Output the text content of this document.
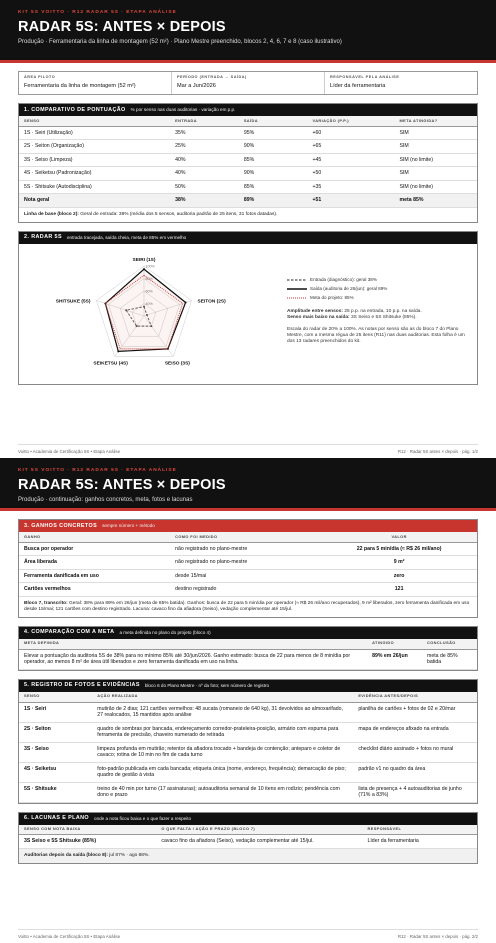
KIT 5S VOITTO · R12 RADAR 5S · ETAPA ANÁLISE
RADAR 5S: ANTES × DEPOIS
Produção · Ferramentaria da linha de montagem (52 m²) · Plano Mestre preenchido, blocos 2, 4, 6, 7 e 8 (caso ilustrativo)
ÁREA PILOTO
Ferramentaria da linha de montagem (52 m²)
PERÍODO (ENTRADA → SAÍDA)
Mar a Jun/2026
RESPONSÁVEL PELA ANÁLISE
Líder da ferramentaria
1. COMPARATIVO DE PONTUAÇÃO % por senso nas duas auditorias · variação em p.p.
SENSO	ENTRADA	SAÍDA	VARIAÇÃO (P.P.)	META ATINGIDA?
1S · Seiri (Utilização)	35%	95%	+60	SIM
2S · Seiton (Organização)	25%	90%	+65	SIM
3S · Seiso (Limpeza)	40%	85%	+45	SIM (no limite)
4S · Seiketsu (Padronização)	40%	90%	+50	SIM
5S · Shitsuke (Autodisciplina)	50%	85%	+35	SIM (no limite)
Nota geral	38%	89%	+51	meta 85%
Linha de base (bloco 2): Geral de entrada: 38% (média dos 5 sensos, auditoria padrão de 25 itens, 31 fotos datadas).
2. RADAR 5S entrada tracejada, saída cheia, meta de 85% em vermelho
100%
SEIRI (1S)
SEITON (2S)
SEISO (3S)
SEIKETSU (4S)
SHITSUKE (5S)
Entrada (diagnóstico): geral 38%
Saída (auditoria de 26/jun): geral 89%
Meta do projeto: 85%

Amplitude entre sensos: 25 p.p. na entrada, 10 p.p. na saída.
Senso mais baixo na saída: 3S Seiso e 5S Shitsuke (85%).

Escala do radar de 20% a 100%. As notas por senso são as do bloco 7 do Plano Mestre, com a mesma régua de 25 itens (R11) nas duas auditorias. Esta folha é um dos 13 radares preenchidos do kit.

Voitto • Academia de Certificação 5S • Etapa Análise	R12 · Radar 5S antes × depois · pág. 1/2
KIT 5S VOITTO · R12 RADAR 5S · ETAPA ANÁLISE
RADAR 5S: ANTES × DEPOIS
Produção · continuação: ganhos concretos, meta, fotos e lacunas
3. GANHOS CONCRETOS sempre número + método
GANHO	COMO FOI MEDIDO	VALOR
Busca por operador	não registrado no plano-mestre	22 para 5 min/dia (≈ R$ 26 mil/ano)
Área liberada	não registrado no plano-mestre	9 m²
Ferramenta danificada em uso	desde 15/mai	zero
Cartões vermelhos	destino registrado	121
Bloco 7, transcrito: Geral: 38% para 89% em 26/jun (meta de 85% batida). Ganhos: busca de 22 para 5 min/dia por operador (≈ R$ 26 mil/ano recuperados), 9 m² liberados, zero ferramenta danificada em uso desde 15/mai; 121 cartões com destino registrado. Lacuna: cavaco fino da afiadora (Seiso), vedação complementar até 15/jul.
4. COMPARAÇÃO COM A META a meta definida no plano do projeto (bloco 4)
META DEFINIDA	ATINGIDO	CONCLUSÃO
Elevar a pontuação da auditoria 5S de 38% para no mínimo 85% até 30/jun/2026. Ganho estimado: busca de 22 para menos de 8 min/dia por operador, ao menos 8 m² de área útil liberados e zero ferramenta danificada em uso na linha.	89% em 26/jun	meta de 85% batida
5. REGISTRO DE FOTOS E EVIDÊNCIAS bloco 6 do Plano Mestre · nº da foto; sem número de registro
SENSO	AÇÃO REALIZADA	EVIDÊNCIA ANTES/DEPOIS
1S · Seiri	mutirão de 2 dias; 121 cartões vermelhos: 48 sucata (romaneio de 640 kg), 31 devolvidos ao almoxarifado, 27 realocados, 15 mantidos após análise	planilha de cartões + fotos de 02 e 20/mar
2S · Seiton	quadro de sombras por bancada, endereçamento corredor-prateleira-posição, armário com espuma para ferramenta de precisão, chaveiro numerado de retirada	mapa de endereços afixado na entrada
3S · Seiso	limpeza profunda em mutirão; retentor da afiadora trocado + bandeja de contenção; anteparo e coletor de cavaco; rotina de 10 min no fim de cada turno	checklist diário assinado + fotos no mural
4S · Seiketsu	foto-padrão publicada em cada bancada; etiqueta única (nome, endereço, frequência); demarcação de piso; quadro de gestão à vista	padrão v1 no quadro da área
5S · Shitsuke	treino de 40 min por turno (17 assinaturas); autoauditoria semanal de 10 itens em rodízio; pendência com dono e prazo	lista de presença + 4 autoauditorias de junho (71% a 83%)
6. LACUNAS E PLANO onde a nota ficou baixa e o que fazer a respeito
SENSO COM NOTA BAIXA	O QUE FALTA / AÇÃO E PRAZO (BLOCO 7)	RESPONSÁVEL
3S Seiso e 5S Shitsuke (85%)	cavaco fino da afiadora (Seiso), vedação complementar até 15/jul.	Líder da ferramentaria
Auditorias depois da saída (bloco 8): jul 87% · ago 88%.
Voitto • Academia de Certificação 5S • Etapa Análise	R12 · Radar 5S antes × depois · pág. 2/2
